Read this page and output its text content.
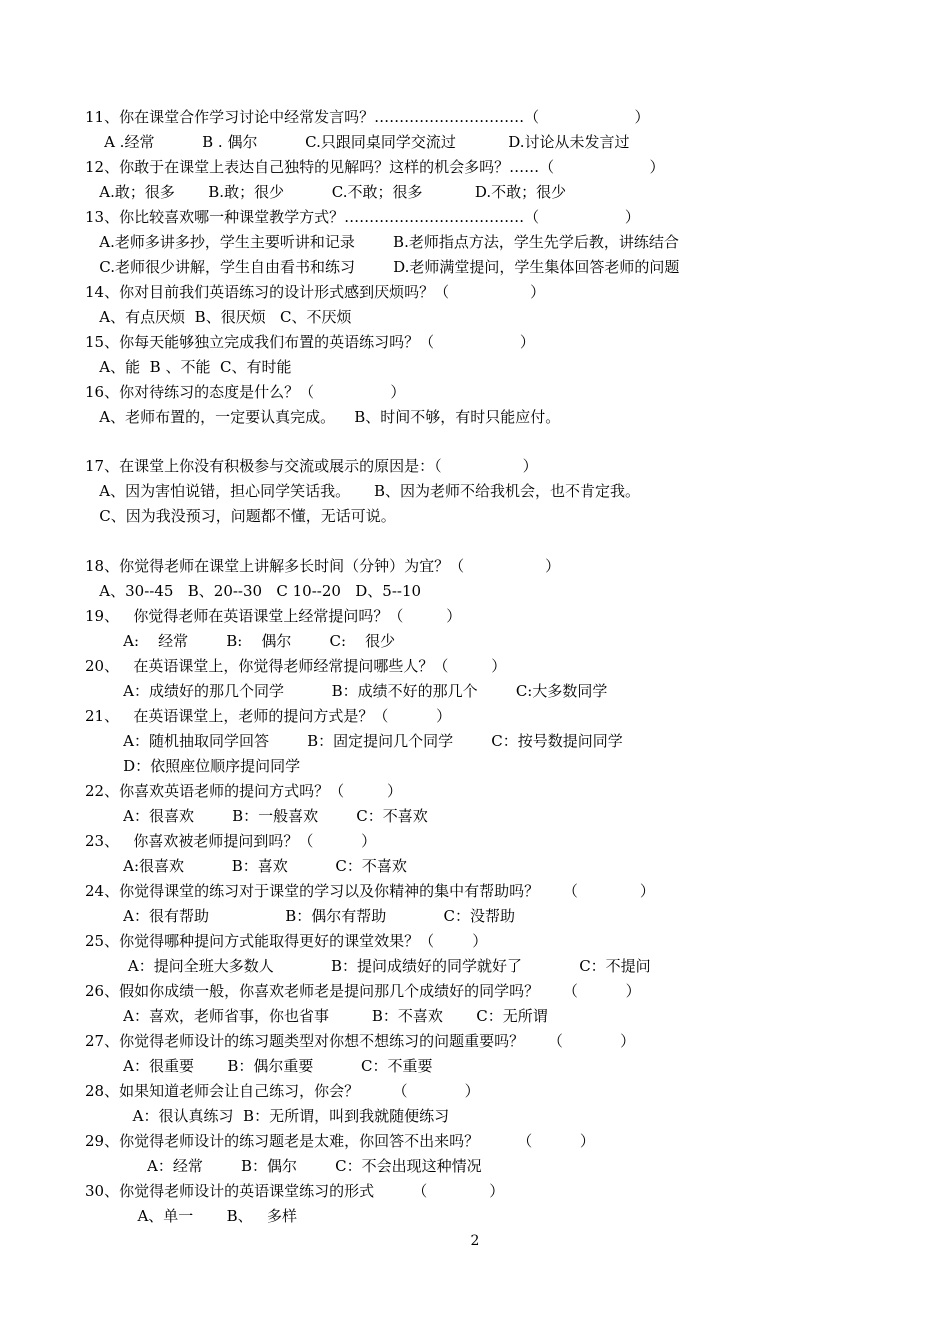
11、你在课堂合作学习讨论中经常发言吗？…………………………（                    ）
A .经常          B . 偶尔          C.只跟同桌同学交流过           D.讨论从未发言过
12、你敢于在课堂上表达自己独特的见解吗？这样的机会多吗？……（                    ）
A.敢；很多       B.敢；很少          C.不敢；很多           D.不敢；很少
13、你比较喜欢哪一种课堂教学方式？………………………………（                  ）
A.老师多讲多抄，学生主要听讲和记录        B.老师指点方法，学生先学后教，讲练结合
C.老师很少讲解，学生自由看书和练习        D.老师满堂提问，学生集体回答老师的问题
14、你对目前我们英语练习的设计形式感到厌烦吗？（                 ）
A、有点厌烦  B、很厌烦   C、不厌烦
15、你每天能够独立完成我们布置的英语练习吗？（                  ）
A、能  B 、不能  C、有时能
16、你对待练习的态度是什么？（                ）
A、老师布置的，一定要认真完成。    B、时间不够，有时只能应付。
17、在课堂上你没有积极参与交流或展示的原因是：（                 ）
A、因为害怕说错，担心同学笑话我。     B、因为老师不给我机会，也不肯定我。
C、因为我没预习，问题都不懂，无话可说。
18、你觉得老师在课堂上讲解多长时间（分钟）为宜？（                 ）
A、30--45   B、20--30   C 10--20   D、5--10
19、   你觉得老师在英语课堂上经常提问吗？（         ）
A:    经常        B:    偶尔        C:    很少
20、   在英语课堂上，你觉得老师经常提问哪些人？（         ）
A：成绩好的那几个同学          B：成绩不好的那几个        C:大多数同学
21、   在英语课堂上，老师的提问方式是？（          ）
A：随机抽取同学回答        B：固定提问几个同学        C：按号数提问同学
D：依照座位顺序提问同学
22、你喜欢英语老师的提问方式吗？（         ）
A：很喜欢        B：一般喜欢        C：不喜欢
23、   你喜欢被老师提问到吗？（          ）
A:很喜欢          B：喜欢          C：不喜欢
24、你觉得课堂的练习对于课堂的学习以及你精神的集中有帮助吗？     （             ）
A：很有帮助                B：偶尔有帮助            C：没帮助
25、你觉得哪种提问方式能取得更好的课堂效果？（        ）
A：提问全班大多数人            B：提问成绩好的同学就好了            C：不提问
26、假如你成绩一般，你喜欢老师老是提问那几个成绩好的同学吗？     （          ）
A：喜欢，老师省事，你也省事         B：不喜欢       C：无所谓
27、你觉得老师设计的练习题类型对你想不想练习的问题重要吗？     （            ）
A：很重要       B：偶尔重要          C：不重要
28、如果知道老师会让自己练习，你会？       （            ）
A：很认真练习  B：无所谓，叫到我就随便练习
29、你觉得老师设计的练习题老是太难，你回答不出来吗？        （          ）
A：经常        B：偶尔        C：不会出现这种情况
30、你觉得老师设计的英语课堂练习的形式        （             ）
A、单一       B、   多样
2
